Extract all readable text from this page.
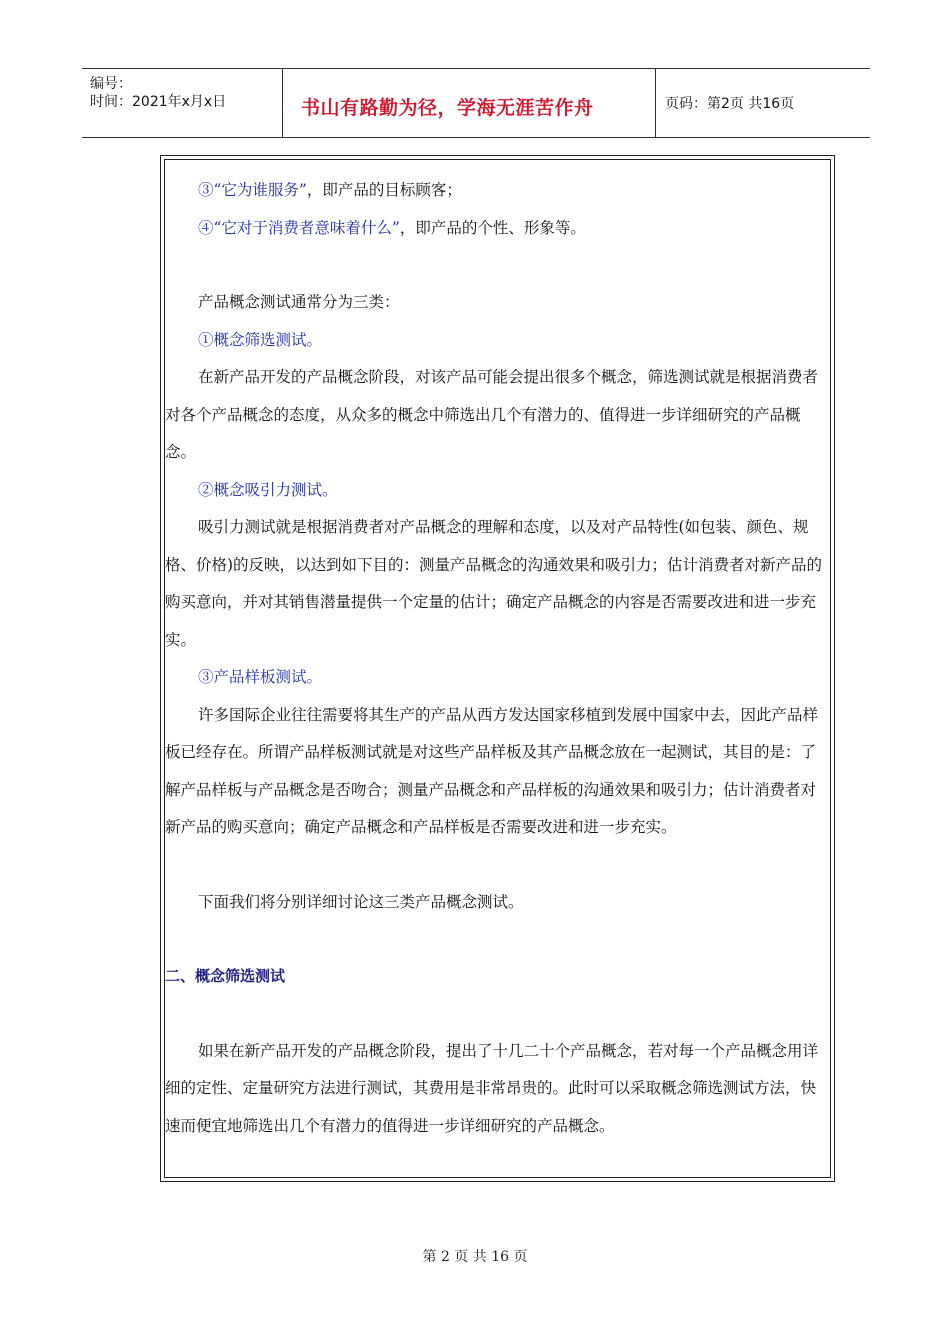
编号：
时间：2021年x月x日	书山有路勤为径，学海无涯苦作舟	页码：第2页 共16页

③“它为谁服务”，即产品的目标顾客；

④“它对于消费者意味着什么”，即产品的个性、形象等。

产品概念测试通常分为三类：

①概念筛选测试。

在新产品开发的产品概念阶段，对该产品可能会提出很多个概念，筛选测试就是根据消费者对各个产品概念的态度，从众多的概念中筛选出几个有潜力的、值得进一步详细研究的产品概念。

②概念吸引力测试。

吸引力测试就是根据消费者对产品概念的理解和态度，以及对产品特性(如包装、颜色、规格、价格)的反映，以达到如下目的：测量产品概念的沟通效果和吸引力；估计消费者对新产品的购买意向，并对其销售潜量提供一个定量的估计；确定产品概念的内容是否需要改进和进一步充实。

③产品样板测试。

许多国际企业往往需要将其生产的产品从西方发达国家移植到发展中国家中去，因此产品样板已经存在。所谓产品样板测试就是对这些产品样板及其产品概念放在一起测试，其目的是：了解产品样板与产品概念是否吻合；测量产品概念和产品样板的沟通效果和吸引力；估计消费者对新产品的购买意向；确定产品概念和产品样板是否需要改进和进一步充实。

下面我们将分别详细讨论这三类产品概念测试。

二、概念筛选测试

如果在新产品开发的产品概念阶段，提出了十几二十个产品概念，若对每一个产品概念用详细的定性、定量研究方法进行测试，其费用是非常昂贵的。此时可以采取概念筛选测试方法，快速而便宜地筛选出几个有潜力的值得进一步详细研究的产品概念。

第 2 页 共 16 页
